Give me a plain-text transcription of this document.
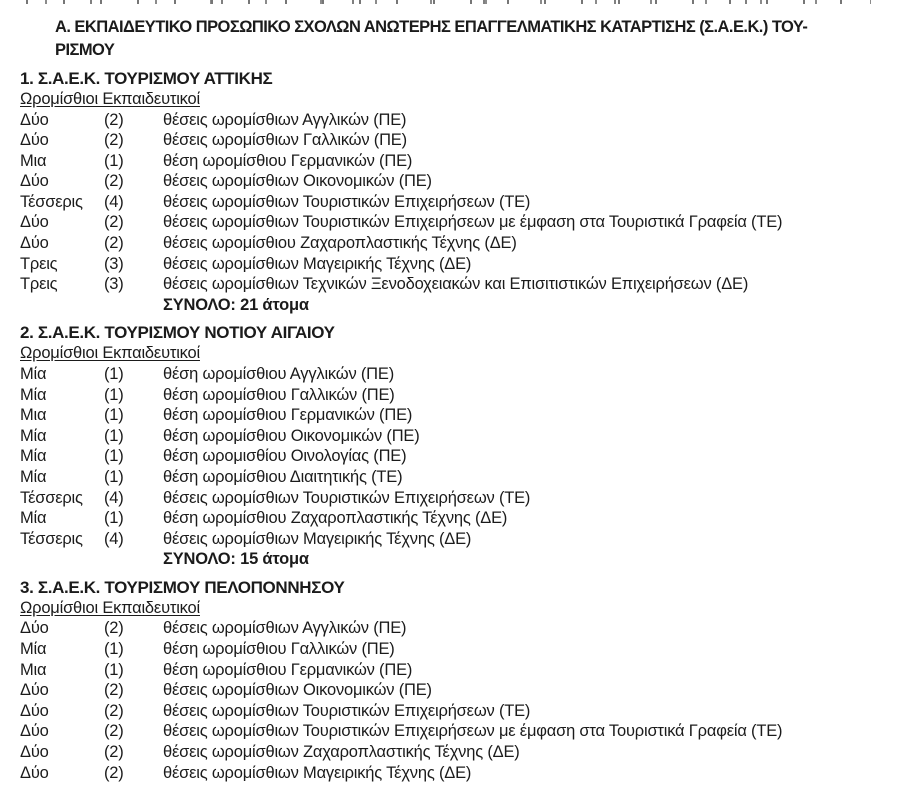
Α. ΕΚΠΑΙΔΕΥΤΙΚΟ ΠΡΟΣΩΠΙΚΟ ΣΧΟΛΩΝ ΑΝΩΤΕΡΗΣ ΕΠΑΓΓΕΛΜΑΤΙΚΗΣ ΚΑΤΑΡΤΙΣΗΣ (Σ.Α.Ε.Κ.) ΤΟΥ-
ΡΙΣΜΟΥ
1. Σ.Α.Ε.Κ. ΤΟΥΡΙΣΜΟΥ ΑΤΤΙΚΗΣ
Ωρομίσθιοι Εκπαιδευτικοί
Δύο	(2)	θέσεις ωρομίσθιων Αγγλικών (ΠΕ)
Δύο	(2)	θέσεις ωρομίσθιων Γαλλικών (ΠΕ)
Μια	(1)	θέση ωρομίσθιου Γερμανικών (ΠΕ)
Δύο	(2)	θέσεις ωρομίσθιων Οικονομικών (ΠΕ)
Τέσσερις	(4)	θέσεις ωρομίσθιων Τουριστικών Επιχειρήσεων (ΤΕ)
Δύο	(2)	θέσεις ωρομίσθιων Τουριστικών Επιχειρήσεων με έμφαση στα Τουριστικά Γραφεία (ΤΕ)
Δύο	(2)	θέσεις ωρομίσθιου Ζαχαροπλαστικής Τέχνης (ΔΕ)
Τρεις	(3)	θέσεις ωρομίσθιων Μαγειρικής Τέχνης (ΔΕ)
Τρεις	(3)	θέσεις ωρομίσθιων Τεχνικών Ξενοδοχειακών και Επισιτιστικών Επιχειρήσεων (ΔΕ)
ΣΥΝΟΛΟ: 21 άτομα
2. Σ.Α.Ε.Κ. ΤΟΥΡΙΣΜΟΥ ΝΟΤΙΟΥ ΑΙΓΑΙΟΥ
Ωρομίσθιοι Εκπαιδευτικοί
Μία	(1)	θέση ωρομίσθιου Αγγλικών (ΠΕ)
Μία	(1)	θέση ωρομίσθιου Γαλλικών (ΠΕ)
Μια	(1)	θέση ωρομίσθιου Γερμανικών (ΠΕ)
Μία	(1)	θέση ωρομίσθιου Οικονομικών (ΠΕ)
Μία	(1)	θέση ωρομισθίου Οινολογίας (ΠΕ)
Μία	(1)	θέση ωρομίσθιου Διαιτητικής (ΤΕ)
Τέσσερις	(4)	θέσεις ωρομίσθιων Τουριστικών Επιχειρήσεων (ΤΕ)
Μία	(1)	θέση ωρομίσθιου Ζαχαροπλαστικής Τέχνης (ΔΕ)
Τέσσερις	(4)	θέσεις ωρομίσθιων Μαγειρικής Τέχνης (ΔΕ)
ΣΥΝΟΛΟ: 15 άτομα
3. Σ.Α.Ε.Κ. ΤΟΥΡΙΣΜΟΥ ΠΕΛΟΠΟΝΝΗΣΟΥ
Ωρομίσθιοι Εκπαιδευτικοί
Δύο	(2)	θέσεις ωρομίσθιων Αγγλικών (ΠΕ)
Μία	(1)	θέση ωρομίσθιου Γαλλικών (ΠΕ)
Μια	(1)	θέση ωρομίσθιου Γερμανικών (ΠΕ)
Δύο	(2)	θέσεις ωρομίσθιων Οικονομικών (ΠΕ)
Δύο	(2)	θέσεις ωρομίσθιων Τουριστικών Επιχειρήσεων (ΤΕ)
Δύο	(2)	θέσεις ωρομίσθιων Τουριστικών Επιχειρήσεων με έμφαση στα Τουριστικά Γραφεία (ΤΕ)
Δύο	(2)	θέσεις ωρομίσθιων Ζαχαροπλαστικής Τέχνης (ΔΕ)
Δύο	(2)	θέσεις ωρομίσθιων Μαγειρικής Τέχνης (ΔΕ)
